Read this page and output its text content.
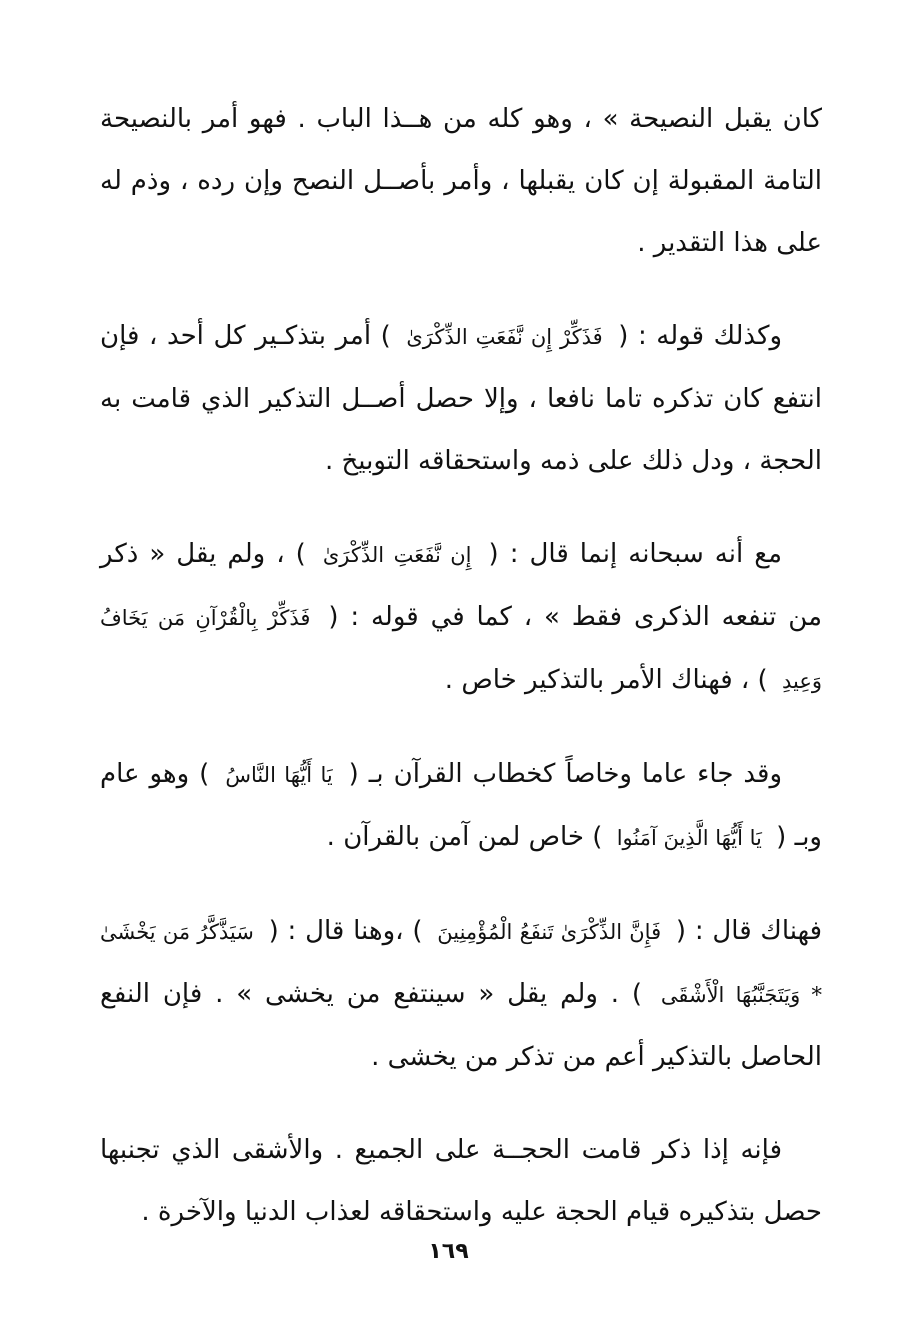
كان يقبل النصيحة » ، وهو كله من هــذا الباب . فهو أمر بالنصيحة التامة المقبولة إن كان يقبلها ، وأمر بأصــل النصح وإن رده ، وذم له على هذا التقدير .

وكذلك قوله : ( فَذَكِّرْ إِن نَّفَعَتِ الذِّكْرَىٰ ) أمر بتذكـير كل أحد ، فإن انتفع كان تذكره تاما نافعا ، وإلا حصل أصــل التذكير الذي قامت به الحجة ، ودل ذلك على ذمه واستحقاقه التوبيخ .

مع أنه سبحانه إنما قال : ( إِن نَّفَعَتِ الذِّكْرَىٰ ) ، ولم يقل « ذكر من تنفعه الذكرى فقط » ، كما في قوله : ( فَذَكِّرْ بِالْقُرْآنِ مَن يَخَافُ وَعِيدِ ) ، فهناك الأمر بالتذكير خاص .

وقد جاء عاما وخاصاً كخطاب القرآن بـ ( يَا أَيُّهَا النَّاسُ ) وهو عام وبـ ( يَا أَيُّهَا الَّذِينَ آمَنُوا ) خاص لمن آمن بالقرآن .

فهناك قال : ( فَإِنَّ الذِّكْرَىٰ تَنفَعُ الْمُؤْمِنِينَ ) ،وهنا قال : ( سَيَذَّكَّرُ مَن يَخْشَىٰ * وَيَتَجَنَّبُهَا الْأَشْقَى ) . ولم يقل « سينتفع من يخشى » . فإن النفع الحاصل بالتذكير أعم من تذكر من يخشى .

فإنه إذا ذكر قامت الحجــة على الجميع . والأشقى الذي تجنبها حصل بتذكيره قيام الحجة عليه واستحقاقه لعذاب الدنيا والآخرة .

١٦٩
